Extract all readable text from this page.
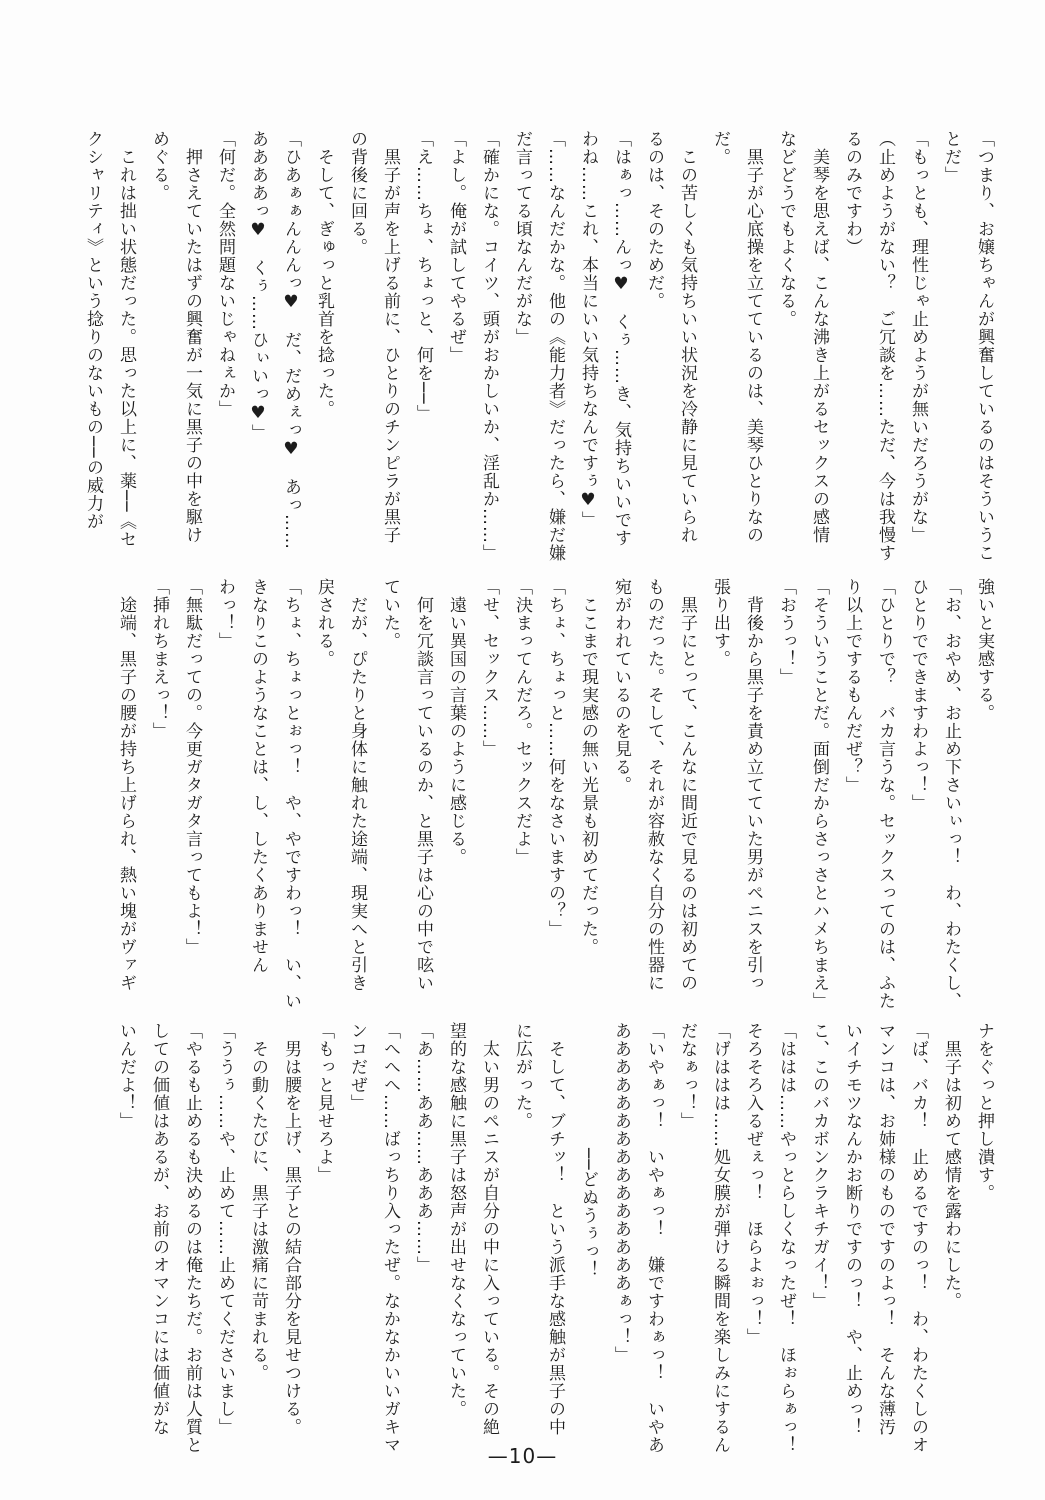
「つまり、お嬢ちゃんが興奮しているのはそういうこ
とだ」
「もっとも、理性じゃ止めようが無いだろうがな」
（止めようがない？　ご冗談を……ただ、今は我慢す
るのみですわ）
　美琴を思えば、こんな沸き上がるセックスの感情
などどうでもよくなる。
　黒子が心底操を立てているのは、美琴ひとりなの
だ。
　この苦しくも気持ちいい状況を冷静に見ていられ
るのは、そのためだ。
「はぁっ……んっ♥　くぅ……き、気持ちいいです
わね……これ、本当にいい気持ちなんですぅ♥」
「……なんだかな。他の《能力者》だったら、嫌だ嫌
だ言ってる頃なんだがな」
「確かにな。コイツ、頭がおかしいか、淫乱か……」
「よし。俺が試してやるぜ」
「え……ちょ、ちょっと、何を──」
　黒子が声を上げる前に、ひとりのチンピラが黒子
の背後に回る。
　そして、ぎゅっと乳首を捻った。
「ひあぁぁんんんっ♥　だ、だめぇっ♥　あっ……
ああああっ♥　くぅ……ひぃいっ♥」
「何だ。全然問題ないじゃねぇか」
　押さえていたはずの興奮が一気に黒子の中を駆け
めぐる。
　これは拙い状態だった。思った以上に、薬──《セ
クシャリティ》という捻りのないもの──の威力が
強いと実感する。
「お、おやめ、お止め下さいぃっ！　わ、わたくし、
ひとりでできますわよっ！」
「ひとりで？　バカ言うな。セックスってのは、ふた
り以上でするもんだぜ？」
「そういうことだ。面倒だからさっさとハメちまえ」
「おうっ！」
　背後から黒子を責め立てていた男がペニスを引っ
張り出す。
　黒子にとって、こんなに間近で見るのは初めての
ものだった。そして、それが容赦なく自分の性器に
宛がわれているのを見る。
　ここまで現実感の無い光景も初めてだった。
「ちょ、ちょっと……何をなさいますの？」
「決まってんだろ。セックスだよ」
「せ、セックス……」
　遠い異国の言葉のように感じる。
　何を冗談言っているのか、と黒子は心の中で呟い
ていた。
　だが、ぴたりと身体に触れた途端、現実へと引き
戻される。
「ちょ、ちょっとぉっ！　や、やですわっ！　い、い
きなりこのようなことは、し、したくありません
わっ！」
「無駄だっての。今更ガタガタ言ってもよ！」
「挿れちまえっ！」
　途端、黒子の腰が持ち上げられ、熱い塊がヴァギ
ナをぐっと押し潰す。
　黒子は初めて感情を露わにした。
「ば、バカ！　止めるですのっ！　わ、わたくしのオ
マンコは、お姉様のものですのよっ！　そんな薄汚
いイチモツなんかお断りですのっ！　や、止めっ！
こ、このバカボンクラキチガイ！」
「ははは……やっとらしくなったぜ！　ほぉらぁっ！
そろそろ入るぜぇっ！　ほらよぉっ！」
「げははは……処女膜が弾ける瞬間を楽しみにするん
だなぁっ！」
「いやぁっ！　いやぁっ！　嫌ですわぁっ！　いやあ
あああああああああああああああぁっ！」
　　　　　　　──どぬうぅっ！
　そして、ブチッ！　という派手な感触が黒子の中
に広がった。
　太い男のペニスが自分の中に入っている。その絶
望的な感触に黒子は怒声が出せなくなっていた。
「あ……ああ……あああ……」
「へへへ……ばっちり入ったぜ。なかなかいいガキマ
ンコだぜ」
「もっと見せろよ」
　男は腰を上げ、黒子との結合部分を見せつける。
　その動くたびに、黒子は激痛に苛まれる。
「ううぅ……や、止めて……止めてくださいまし」
「やるも止めるも決めるのは俺たちだ。お前は人質と
しての価値はあるが、お前のオマンコには価値がな
いんだよ！」
—10—
